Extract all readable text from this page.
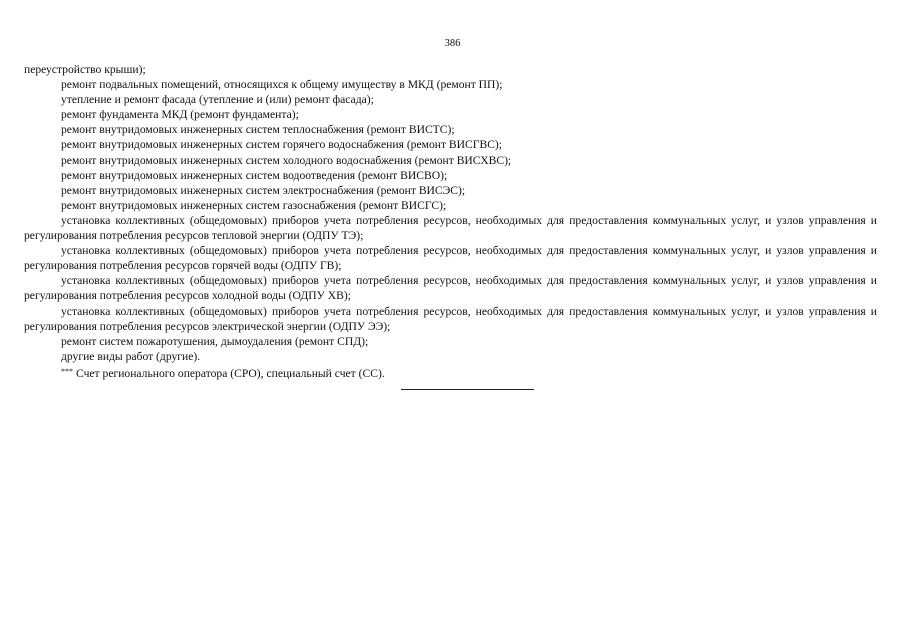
386

переустройство крыши);

ремонт подвальных помещений, относящихся к общему имуществу в МКД (ремонт ПП);

утепление и ремонт фасада (утепление и (или) ремонт фасада);

ремонт фундамента МКД (ремонт фундамента);

ремонт внутридомовых инженерных систем теплоснабжения (ремонт ВИСТС);

ремонт внутридомовых инженерных систем горячего водоснабжения (ремонт ВИСГВС);

ремонт внутридомовых инженерных систем холодного водоснабжения (ремонт ВИСХВС);

ремонт внутридомовых инженерных систем водоотведения (ремонт ВИСВО);

ремонт внутридомовых инженерных систем электроснабжения (ремонт ВИСЭС);

ремонт внутридомовых инженерных систем газоснабжения (ремонт ВИСГС);

установка коллективных (общедомовых) приборов учета потребления ресурсов, необходимых для предоставления коммунальных услуг, и узлов управления и регулирования потребления ресурсов тепловой энергии (ОДПУ ТЭ);

установка коллективных (общедомовых) приборов учета потребления ресурсов, необходимых для предоставления коммунальных услуг, и узлов управления и регулирования потребления ресурсов горячей воды (ОДПУ ГВ);

установка коллективных (общедомовых) приборов учета потребления ресурсов, необходимых для предоставления коммунальных услуг, и узлов управления и регулирования потребления ресурсов холодной воды (ОДПУ ХВ);

установка коллективных (общедомовых) приборов учета потребления ресурсов, необходимых для предоставления коммунальных услуг, и узлов управления и регулирования потребления ресурсов электрической энергии (ОДПУ ЭЭ);

ремонт систем пожаротушения, дымоудаления (ремонт СПД);

другие виды работ (другие).

*** Счет регионального оператора (СРО), специальный счет (СС).
